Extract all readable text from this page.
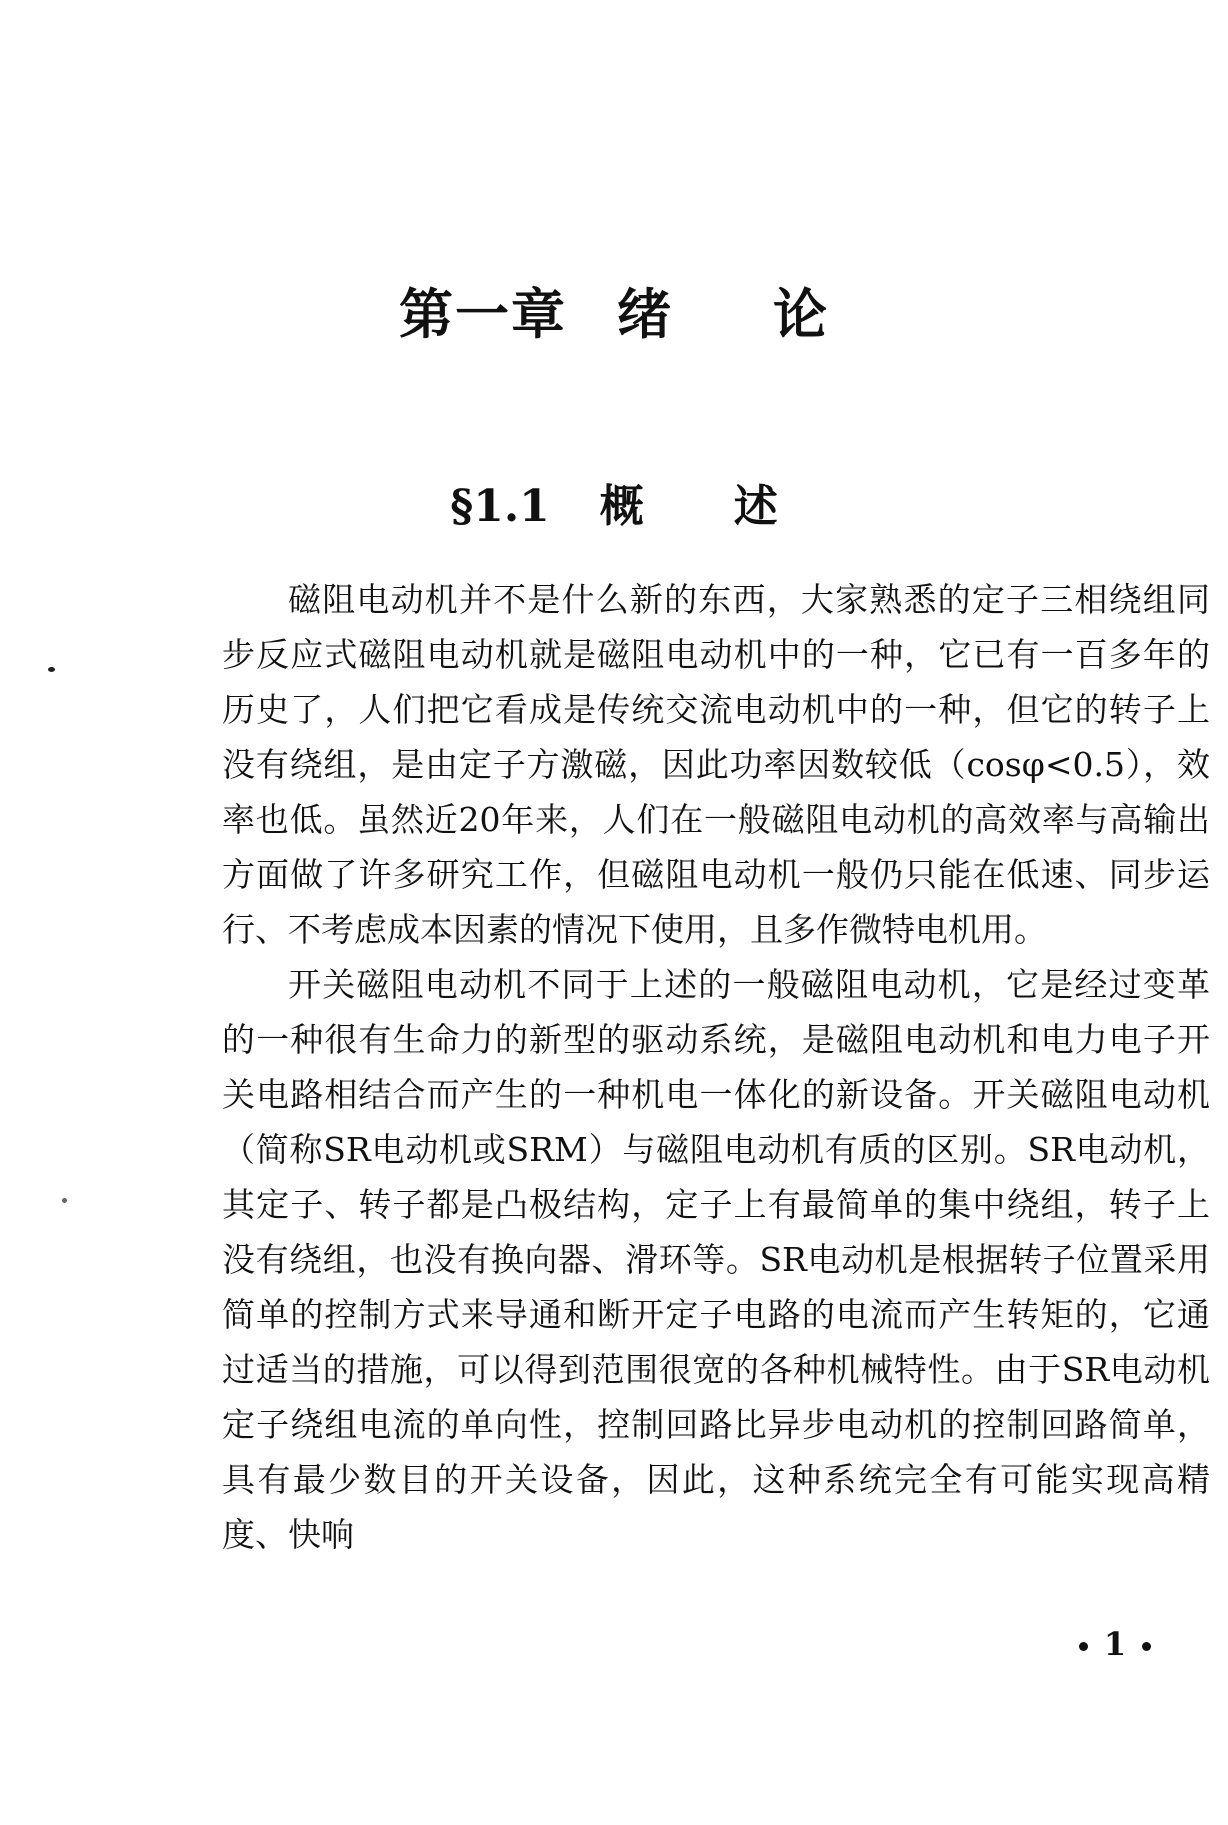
第一章 绪 论
§1.1 概 述

磁阻电动机并不是什么新的东西，大家熟悉的定子三相绕组同步反应式磁阻电动机就是磁阻电动机中的一种，它已有一百多年的历史了，人们把它看成是传统交流电动机中的一种，但它的转子上没有绕组，是由定子方激磁，因此功率因数较低（cosφ<0.5），效率也低。虽然近20年来，人们在一般磁阻电动机的高效率与高输出方面做了许多研究工作，但磁阻电动机一般仍只能在低速、同步运行、不考虑成本因素的情况下使用，且多作微特电机用。

开关磁阻电动机不同于上述的一般磁阻电动机，它是经过变革的一种很有生命力的新型的驱动系统，是磁阻电动机和电力电子开关电路相结合而产生的一种机电一体化的新设备。开关磁阻电动机（简称SR电动机或SRM）与磁阻电动机有质的区别。SR电动机，其定子、转子都是凸极结构，定子上有最简单的集中绕组，转子上没有绕组，也没有换向器、滑环等。SR电动机是根据转子位置采用简单的控制方式来导通和断开定子电路的电流而产生转矩的，它通过适当的措施，可以得到范围很宽的各种机械特性。由于SR电动机定子绕组电流的单向性，控制回路比异步电动机的控制回路简单，具有最少数目的开关设备，因此，这种系统完全有可能实现高精度、快响

1
